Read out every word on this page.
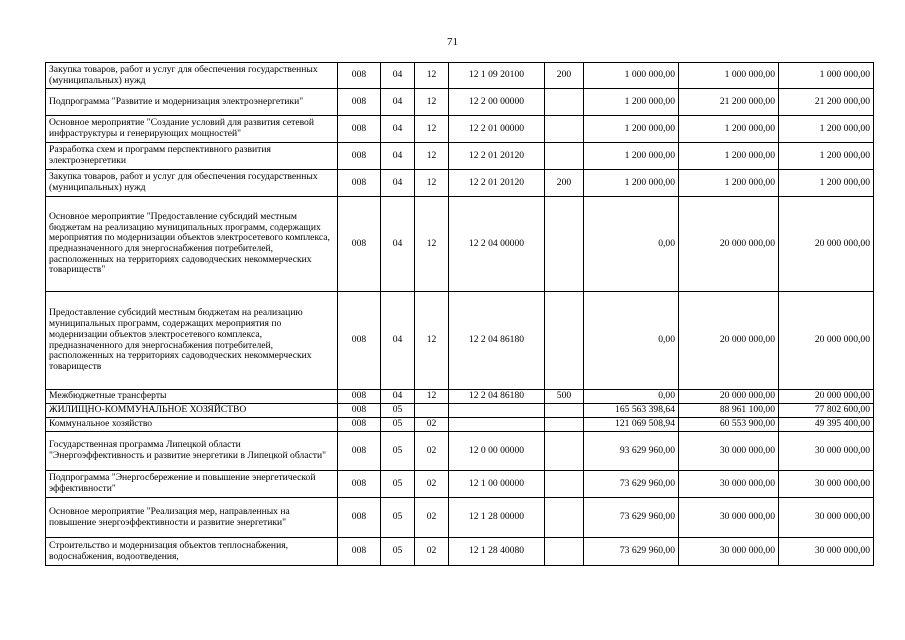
71
Закупка товаров, работ и услуг для обеспечения государственных (муниципальных) нужд	008	04	12	12 1 09 20100	200	1 000 000,00	1 000 000,00	1 000 000,00
Подпрограмма "Развитие и модернизация электроэнергетики"	008	04	12	12 2 00 00000		1 200 000,00	21 200 000,00	21 200 000,00
Основное мероприятие "Создание условий для развития сетевой инфраструктуры и генерирующих мощностей"	008	04	12	12 2 01 00000		1 200 000,00	1 200 000,00	1 200 000,00
Разработка схем и программ перспективного развития электроэнергетики	008	04	12	12 2 01 20120		1 200 000,00	1 200 000,00	1 200 000,00
Закупка товаров, работ и услуг для обеспечения государственных (муниципальных) нужд	008	04	12	12 2 01 20120	200	1 200 000,00	1 200 000,00	1 200 000,00
Основное мероприятие "Предоставление субсидий местным бюджетам на реализацию муниципальных программ, содержащих мероприятия по модернизации объектов электросетевого комплекса, предназначенного для энергоснабжения потребителей, расположенных на территориях садоводческих некоммерческих товариществ"	008	04	12	12 2 04 00000		0,00	20 000 000,00	20 000 000,00
Предоставление субсидий местным бюджетам на реализацию муниципальных программ, содержащих мероприятия по модернизации объектов электросетевого комплекса, предназначенного для энергоснабжения потребителей, расположенных на территориях садоводческих некоммерческих товариществ	008	04	12	12 2 04 86180		0,00	20 000 000,00	20 000 000,00
Межбюджетные трансферты	008	04	12	12 2 04 86180	500	0,00	20 000 000,00	20 000 000,00
ЖИЛИЩНО-КОММУНАЛЬНОЕ ХОЗЯЙСТВО	008	05				165 563 398,64	88 961 100,00	77 802 600,00
Коммунальное хозяйство	008	05	02			121 069 508,94	60 553 900,00	49 395 400,00
Государственная программа Липецкой области "Энергоэффективность и развитие энергетики в Липецкой области"	008	05	02	12 0 00 00000		93 629 960,00	30 000 000,00	30 000 000,00
Подпрограмма "Энергосбережение и повышение энергетической эффективности"	008	05	02	12 1 00 00000		73 629 960,00	30 000 000,00	30 000 000,00
Основное мероприятие "Реализация мер, направленных на повышение энергоэффективности и развитие энергетики"	008	05	02	12 1 28 00000		73 629 960,00	30 000 000,00	30 000 000,00
Строительство и модернизация объектов теплоснабжения, водоснабжения, водоотведения,	008	05	02	12 1 28 40080		73 629 960,00	30 000 000,00	30 000 000,00
